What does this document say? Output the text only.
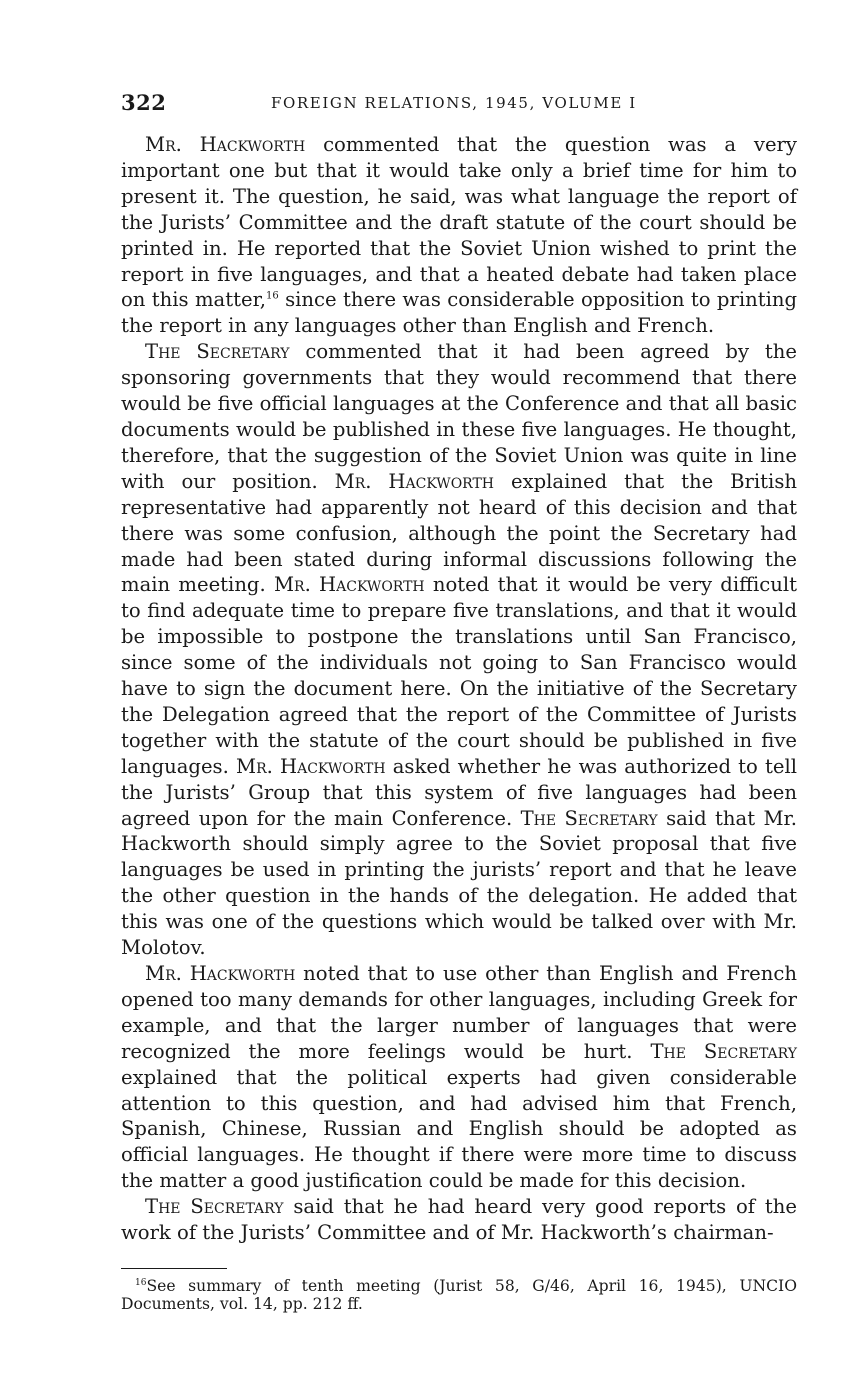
322	FOREIGN RELATIONS, 1945, VOLUME I

Mr. Hackworth commented that the question was a very important one but that it would take only a brief time for him to present it. The question, he said, was what language the report of the Jurists’ Committee and the draft statute of the court should be printed in. He reported that the Soviet Union wished to print the report in five languages, and that a heated debate had taken place on this matter,$^{16}$ since there was considerable opposition to printing the report in any languages other than English and French.

The Secretary commented that it had been agreed by the sponsoring governments that they would recommend that there would be five official languages at the Conference and that all basic documents would be published in these five languages. He thought, therefore, that the suggestion of the Soviet Union was quite in line with our position. Mr. Hackworth explained that the British representative had apparently not heard of this decision and that there was some confusion, although the point the Secretary had made had been stated during informal discussions following the main meeting. Mr. Hackworth noted that it would be very difficult to find adequate time to prepare five translations, and that it would be impossible to postpone the translations until San Francisco, since some of the individuals not going to San Francisco would have to sign the document here. On the initiative of the Secretary the Delegation agreed that the report of the Committee of Jurists together with the statute of the court should be published in five languages. Mr. Hackworth asked whether he was authorized to tell the Jurists’ Group that this system of five languages had been agreed upon for the main Conference. The Secretary said that Mr. Hackworth should simply agree to the Soviet proposal that five languages be used in printing the jurists’ report and that he leave the other question in the hands of the delegation. He added that this was one of the questions which would be talked over with Mr. Molotov.

Mr. Hackworth noted that to use other than English and French opened too many demands for other languages, including Greek for example, and that the larger number of languages that were recognized the more feelings would be hurt. The Secretary explained that the political experts had given considerable attention to this question, and had advised him that French, Spanish, Chinese, Russian and English should be adopted as official languages. He thought if there were more time to discuss the matter a good justification could be made for this decision.

The Secretary said that he had heard very good reports of the work of the Jurists’ Committee and of Mr. Hackworth’s chairman-

$^{16}$See summary of tenth meeting (Jurist 58, G/46, April 16, 1945), UNCIO Documents, vol. 14, pp. 212 ff.
